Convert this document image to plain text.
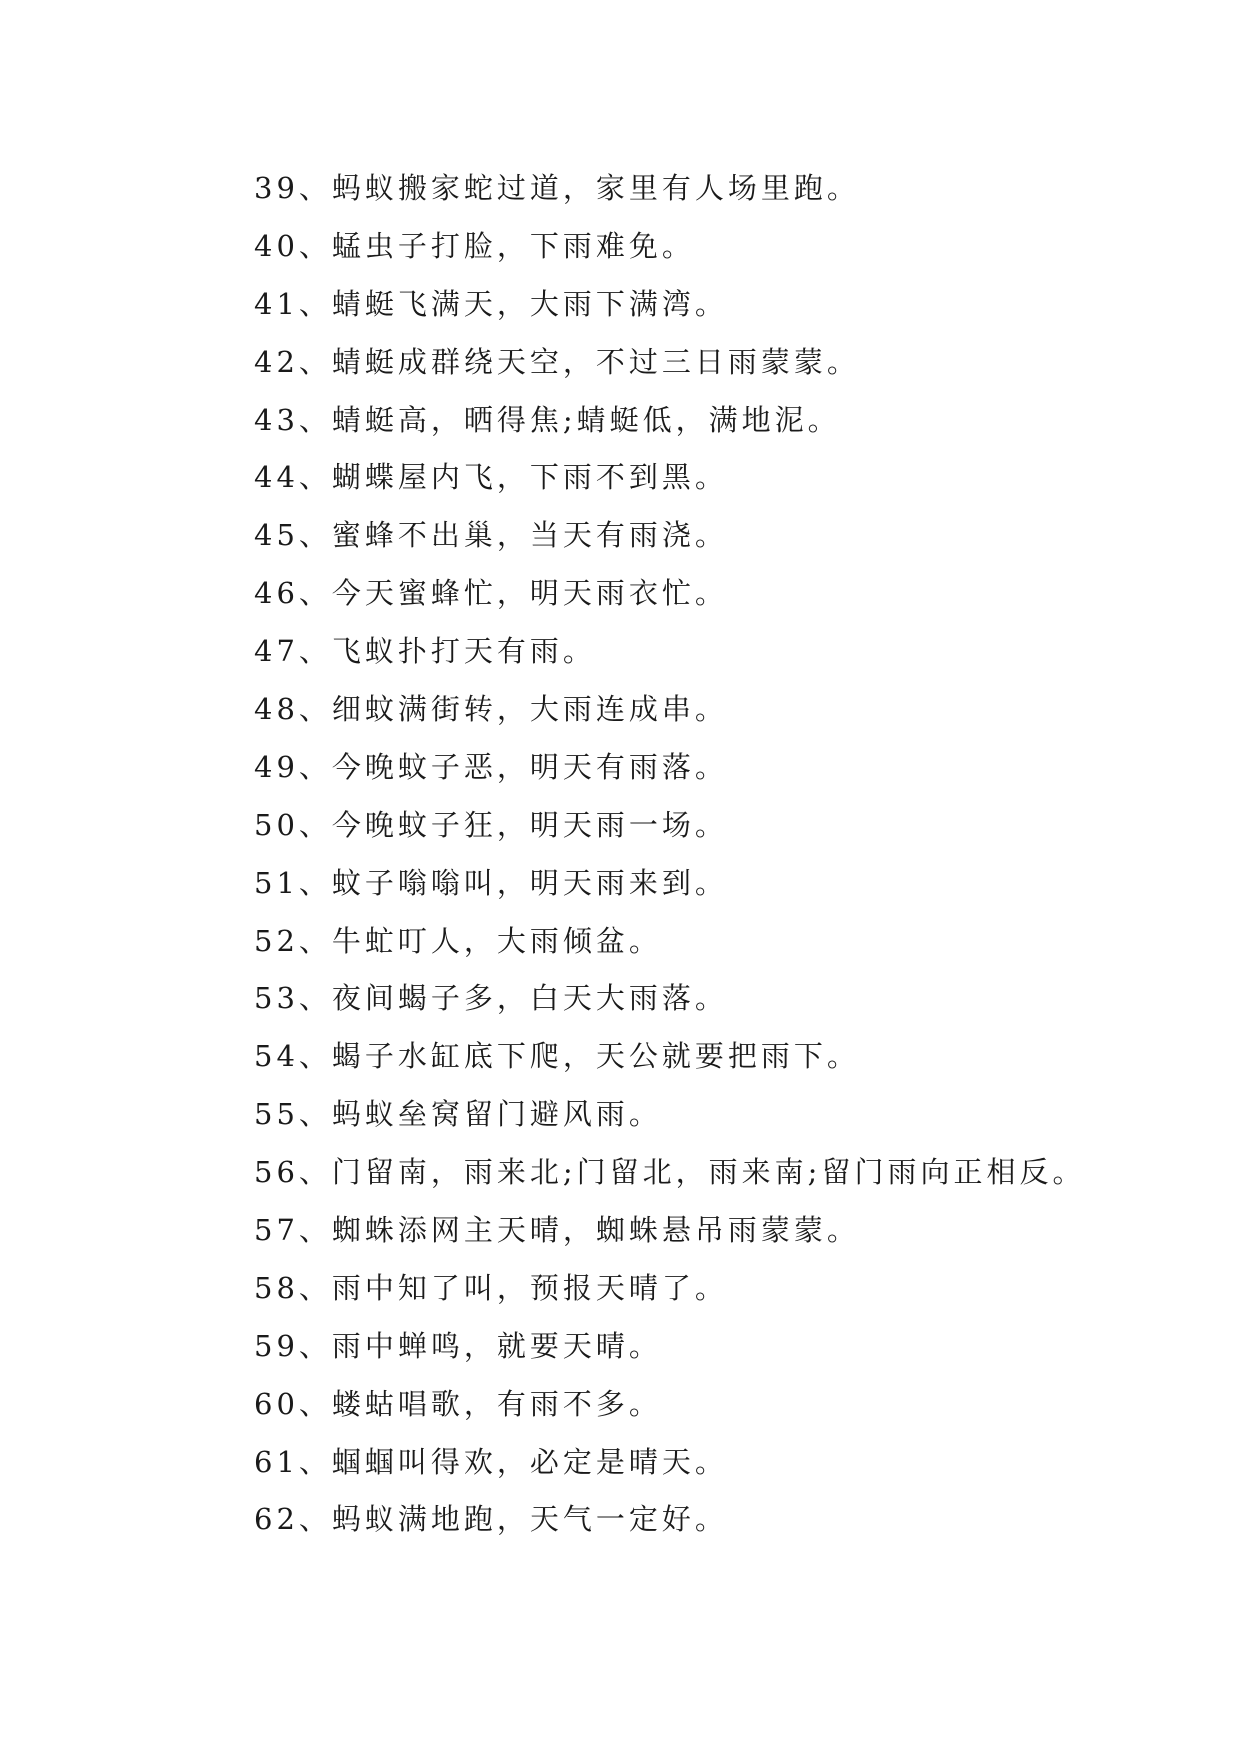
39、蚂蚁搬家蛇过道，家里有人场里跑。
40、蜢虫子打脸，下雨难免。
41、蜻蜓飞满天，大雨下满湾。
42、蜻蜓成群绕天空，不过三日雨蒙蒙。
43、蜻蜓高，晒得焦;蜻蜓低，满地泥。
44、蝴蝶屋内飞，下雨不到黑。
45、蜜蜂不出巢，当天有雨浇。
46、今天蜜蜂忙，明天雨衣忙。
47、飞蚁扑打天有雨。
48、细蚊满街转，大雨连成串。
49、今晚蚊子恶，明天有雨落。
50、今晚蚊子狂，明天雨一场。
51、蚊子嗡嗡叫，明天雨来到。
52、牛虻叮人，大雨倾盆。
53、夜间蝎子多，白天大雨落。
54、蝎子水缸底下爬，天公就要把雨下。
55、蚂蚁垒窝留门避风雨。
56、门留南，雨来北;门留北，雨来南;留门雨向正相反。
57、蜘蛛添网主天晴，蜘蛛悬吊雨蒙蒙。
58、雨中知了叫，预报天晴了。
59、雨中蝉鸣，就要天晴。
60、蝼蛄唱歌，有雨不多。
61、蝈蝈叫得欢，必定是晴天。
62、蚂蚁满地跑，天气一定好。
